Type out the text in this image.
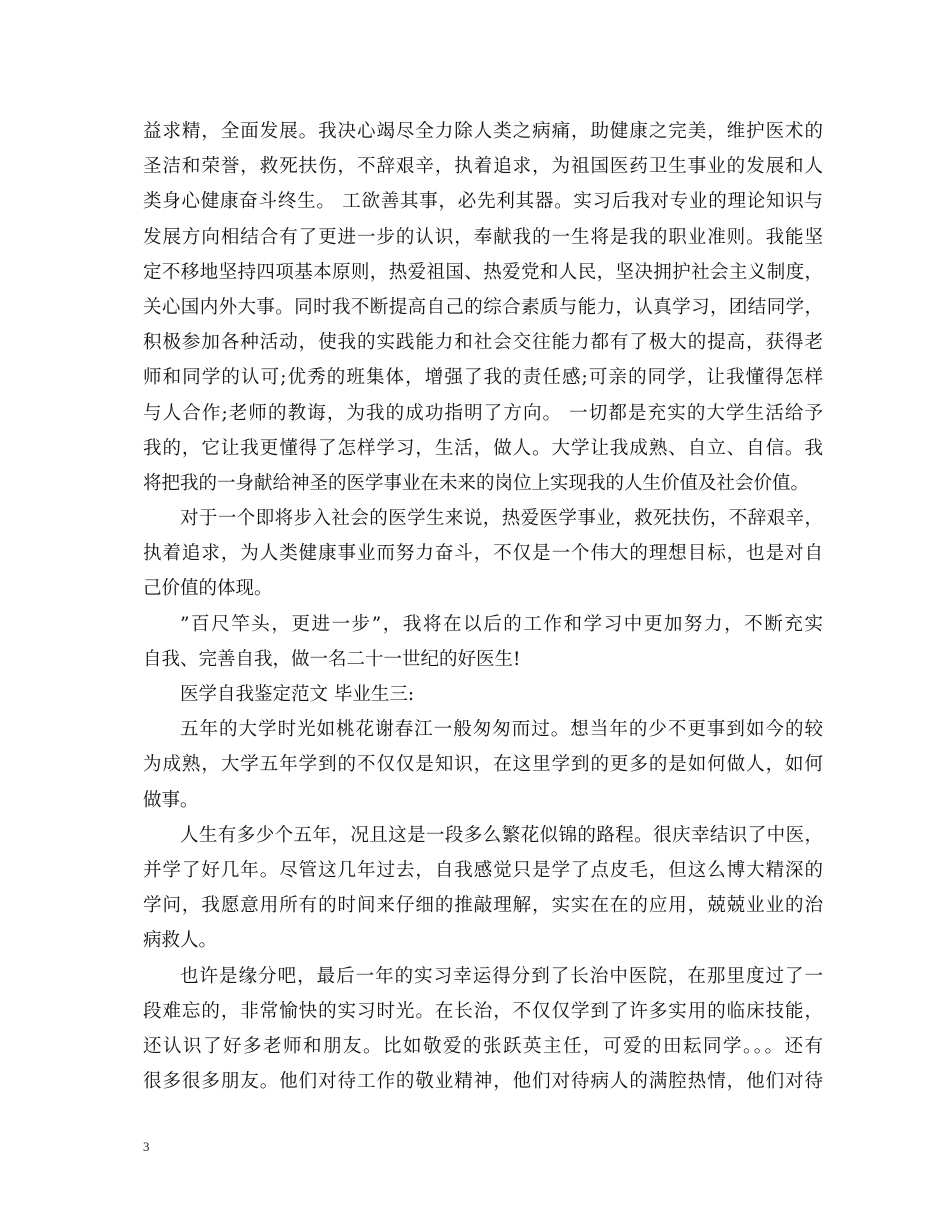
益求精，全面发展。我决心竭尽全力除人类之病痛，助健康之完美，维护医术的
圣洁和荣誉，救死扶伤，不辞艰辛，执着追求，为祖国医药卫生事业的发展和人
类身心健康奋斗终生。 工欲善其事，必先利其器。实习后我对专业的理论知识与
发展方向相结合有了更进一步的认识，奉献我的一生将是我的职业准则。我能坚
定不移地坚持四项基本原则，热爱祖国、热爱党和人民，坚决拥护社会主义制度，
关心国内外大事。同时我不断提高自己的综合素质与能力，认真学习，团结同学，
积极参加各种活动，使我的实践能力和社会交往能力都有了极大的提高，获得老
师和同学的认可;优秀的班集体，增强了我的责任感;可亲的同学，让我懂得怎样
与人合作;老师的教诲，为我的成功指明了方向。 一切都是充实的大学生活给予
我的，它让我更懂得了怎样学习，生活，做人。大学让我成熟、自立、自信。我
将把我的一身献给神圣的医学事业在未来的岗位上实现我的人生价值及社会价值。
对于一个即将步入社会的医学生来说，热爱医学事业，救死扶伤，不辞艰辛，
执着追求，为人类健康事业而努力奋斗，不仅是一个伟大的理想目标，也是对自
己价值的体现。
”百尺竿头，更进一步”，我将在以后的工作和学习中更加努力，不断充实
自我、完善自我，做一名二十一世纪的好医生!
医学自我鉴定范文 毕业生三:
五年的大学时光如桃花谢春江一般匆匆而过。想当年的少不更事到如今的较
为成熟，大学五年学到的不仅仅是知识，在这里学到的更多的是如何做人，如何
做事。
人生有多少个五年，况且这是一段多么繁花似锦的路程。很庆幸结识了中医，
并学了好几年。尽管这几年过去，自我感觉只是学了点皮毛，但这么博大精深的
学问，我愿意用所有的时间来仔细的推敲理解，实实在在的应用，兢兢业业的治
病救人。
也许是缘分吧，最后一年的实习幸运得分到了长治中医院，在那里度过了一
段难忘的，非常愉快的实习时光。在长治，不仅仅学到了许多实用的临床技能，
还认识了好多老师和朋友。比如敬爱的张跃英主任，可爱的田耘同学。。。还有
很多很多朋友。他们对待工作的敬业精神，他们对待病人的满腔热情，他们对待
3
